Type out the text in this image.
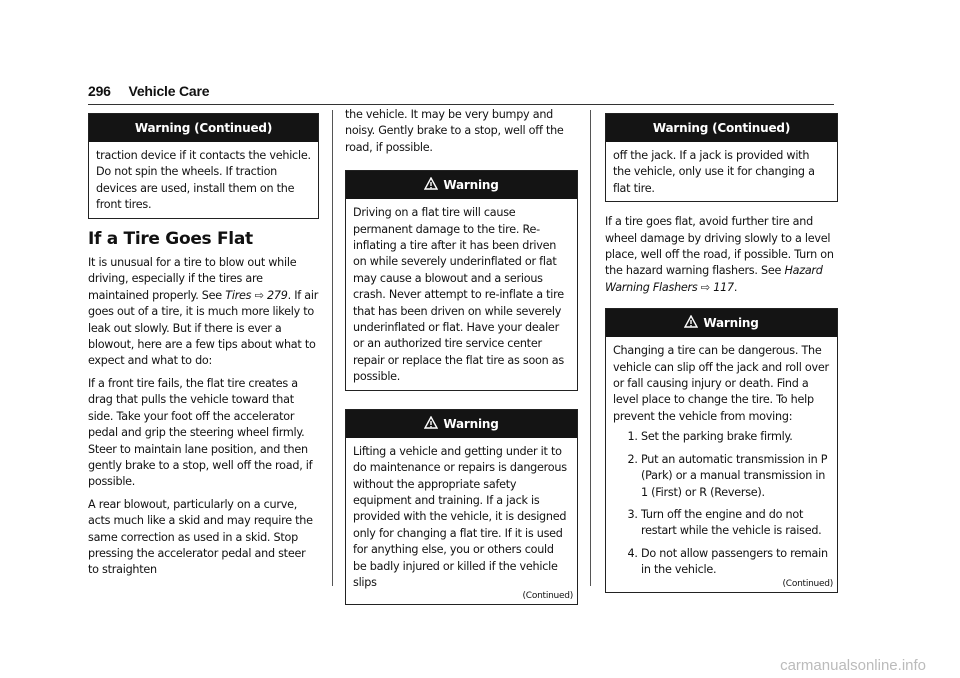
296 Vehicle Care
Warning (Continued)
traction device if it contacts the vehicle. Do not spin the wheels. If traction devices are used, install them on the front tires.
If a Tire Goes Flat

It is unusual for a tire to blow out while driving, especially if the tires are maintained properly. See Tires ⇨ 279. If air goes out of a tire, it is much more likely to leak out slowly. But if there is ever a blowout, here are a few tips about what to expect and what to do:

If a front tire fails, the flat tire creates a drag that pulls the vehicle toward that side. Take your foot off the accelerator pedal and grip the steering wheel firmly. Steer to maintain lane position, and then gently brake to a stop, well off the road, if possible.

A rear blowout, particularly on a curve, acts much like a skid and may require the same correction as used in a skid. Stop pressing the accelerator pedal and steer to straighten

the vehicle. It may be very bumpy and noisy. Gently brake to a stop, well off the road, if possible.

Warning
Driving on a flat tire will cause permanent damage to the tire. Re-inflating a tire after it has been driven on while severely underinflated or flat may cause a blowout and a serious crash. Never attempt to re-inflate a tire that has been driven on while severely underinflated or flat. Have your dealer or an authorized tire service center repair or replace the flat tire as soon as possible.
Warning
Lifting a vehicle and getting under it to do maintenance or repairs is dangerous without the appropriate safety equipment and training. If a jack is provided with the vehicle, it is designed only for changing a flat tire. If it is used for anything else, you or others could be badly injured or killed if the vehicle slips
(Continued)
Warning (Continued)
off the jack. If a jack is provided with the vehicle, only use it for changing a flat tire.

If a tire goes flat, avoid further tire and wheel damage by driving slowly to a level place, well off the road, if possible. Turn on the hazard warning flashers. See Hazard Warning Flashers ⇨ 117.

Warning
Changing a tire can be dangerous. The vehicle can slip off the jack and roll over or fall causing injury or death. Find a level place to change the tire. To help prevent the vehicle from moving:
1. Set the parking brake firmly.
2. Put an automatic transmission in P (Park) or a manual transmission in 1 (First) or R (Reverse).
3. Turn off the engine and do not restart while the vehicle is raised.
4. Do not allow passengers to remain in the vehicle.
(Continued)
carmanualsonline.info
